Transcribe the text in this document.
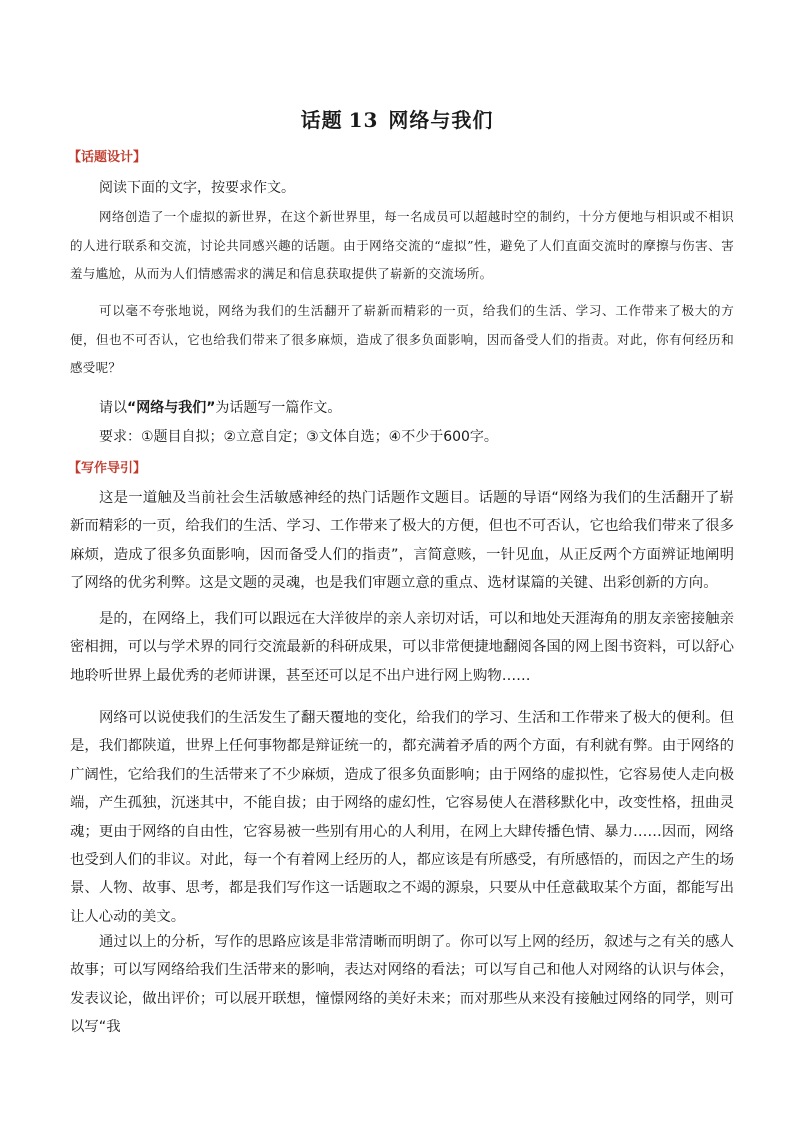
话题 13 网络与我们
【话题设计】
阅读下面的文字，按要求作文。

网络创造了一个虚拟的新世界，在这个新世界里，每一名成员可以超越时空的制约，十分方便地与相识或不相识的人进行联系和交流，讨论共同感兴趣的话题。由于网络交流的“虚拟”性，避免了人们直面交流时的摩擦与伤害、害羞与尴尬，从而为人们情感需求的满足和信息获取提供了崭新的交流场所。

可以毫不夸张地说，网络为我们的生活翻开了崭新而精彩的一页，给我们的生活、学习、工作带来了极大的方便，但也不可否认，它也给我们带来了很多麻烦，造成了很多负面影响，因而备受人们的指责。对此，你有何经历和感受呢？

请以“网络与我们”为话题写一篇作文。
要求：①题目自拟；②立意自定；③文体自选；④不少于600字。
【写作导引】

这是一道触及当前社会生活敏感神经的热门话题作文题目。话题的导语“网络为我们的生活翻开了崭新而精彩的一页，给我们的生活、学习、工作带来了极大的方便，但也不可否认，它也给我们带来了很多麻烦，造成了很多负面影响，因而备受人们的指责”，言简意赅，一针见血，从正反两个方面辨证地阐明了网络的优劣利弊。这是文题的灵魂，也是我们审题立意的重点、选材谋篇的关键、出彩创新的方向。

是的，在网络上，我们可以跟远在大洋彼岸的亲人亲切对话，可以和地处天涯海角的朋友亲密接触亲密相拥，可以与学术界的同行交流最新的科研成果，可以非常便捷地翻阅各国的网上图书资料，可以舒心地聆听世界上最优秀的老师讲课，甚至还可以足不出户进行网上购物……

网络可以说使我们的生活发生了翻天覆地的变化，给我们的学习、生活和工作带来了极大的便利。但是，我们都陕道，世界上任何事物都是辩证统一的，都充满着矛盾的两个方面，有利就有弊。由于网络的广阔性，它给我们的生活带来了不少麻烦，造成了很多负面影响；由于网络的虚拟性，它容易使人走向极端，产生孤独，沉迷其中，不能自拔；由于网络的虚幻性，它容易使人在潜移默化中，改变性格，扭曲灵魂；更由于网络的自由性，它容易被一些别有用心的人利用，在网上大肆传播色情、暴力……因而，网络也受到人们的非议。对此，每一个有着网上经历的人，都应该是有所感受，有所感悟的，而因之产生的场景、人物、故事、思考，都是我们写作这一话题取之不竭的源泉，只要从中任意截取某个方面，都能写出让人心动的美文。

通过以上的分析，写作的思路应该是非常清晰而明朗了。你可以写上网的经历，叙述与之有关的感人故事；可以写网络给我们生活带来的影响，表达对网络的看法；可以写自己和他人对网络的认识与体会，发表议论，做出评价；可以展开联想，憧憬网络的美好未来；而对那些从来没有接触过网络的同学，则可以写“我
